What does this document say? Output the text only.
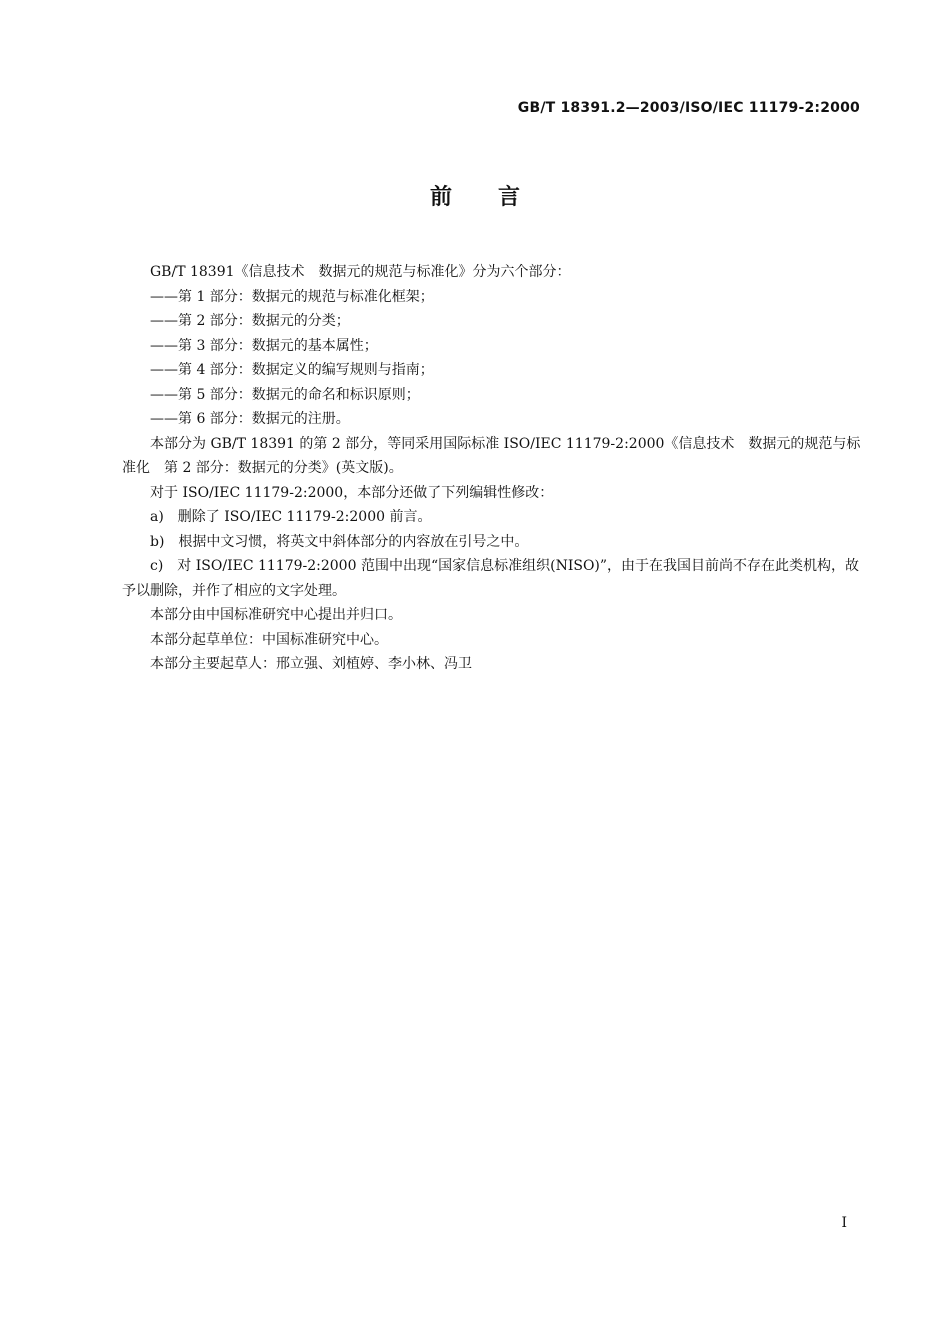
GB/T 18391.2—2003/ISO/IEC 11179-2:2000
前言

GB/T 18391《信息技术　数据元的规范与标准化》分为六个部分：

——第 1 部分：数据元的规范与标准化框架；

——第 2 部分：数据元的分类；

——第 3 部分：数据元的基本属性；

——第 4 部分：数据定义的编写规则与指南；

——第 5 部分：数据元的命名和标识原则；

——第 6 部分：数据元的注册。

本部分为 GB/T 18391 的第 2 部分，等同采用国际标准 ISO/IEC 11179-2:2000《信息技术　数据元的规范与标准化　第 2 部分：数据元的分类》(英文版)。

对于 ISO/IEC 11179-2:2000，本部分还做了下列编辑性修改：

a)　删除了 ISO/IEC 11179-2:2000 前言。

b)　根据中文习惯，将英文中斜体部分的内容放在引号之中。

c)　对 ISO/IEC 11179-2:2000 范围中出现“国家信息标准组织(NISO)”，由于在我国目前尚不存在此类机构，故予以删除，并作了相应的文字处理。

本部分由中国标准研究中心提出并归口。

本部分起草单位：中国标准研究中心。

本部分主要起草人：邢立强、刘植婷、李小林、冯卫

I
